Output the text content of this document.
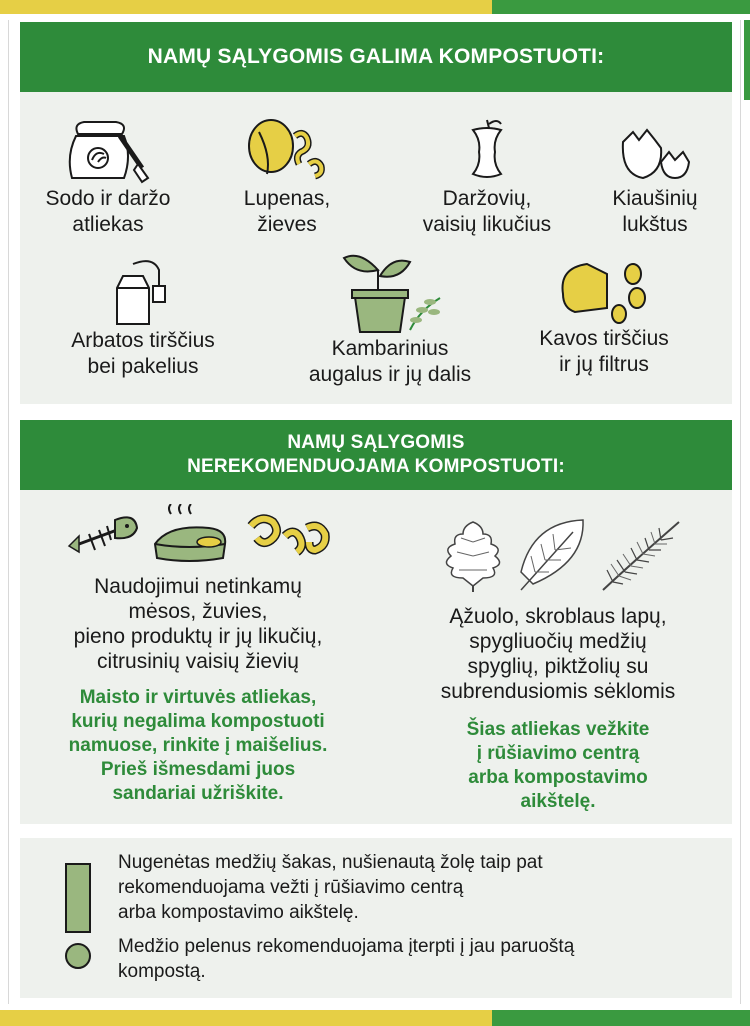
NAMŲ SĄLYGOMIS GALIMA KOMPOSTUOTI:
Sodo ir daržo
atliekas
Lupenas,
žieves
Daržovių,
vaisių likučius
Kiaušinių
lukštus
Arbatos tirščius
bei pakelius
Kambarinius
augalus ir jų dalis
Kavos tirščius
ir jų filtrus
NAMŲ SĄLYGOMIS
NEREKOMENDUOJAMA KOMPOSTUOTI:
Naudojimui netinkamų
mėsos, žuvies,
pieno produktų ir jų likučių,
citrusinių vaisių žievių
Maisto ir virtuvės atliekas,
kurių negalima kompostuoti
namuose, rinkite į maišelius.
Prieš išmesdami juos
sandariai užriškite.
Ąžuolo, skroblaus lapų,
spygliuočių medžių
spyglių, piktžolių su
subrendusiomis sėklomis
Šias atliekas vežkite
į rūšiavimo centrą
arba kompostavimo
aikštelę.
Nugenėtas medžių šakas, nušienautą žolę taip pat
rekomenduojama vežti į rūšiavimo centrą
arba kompostavimo aikštelę.
Medžio pelenus rekomenduojama įterpti į jau paruoštą
kompostą.
